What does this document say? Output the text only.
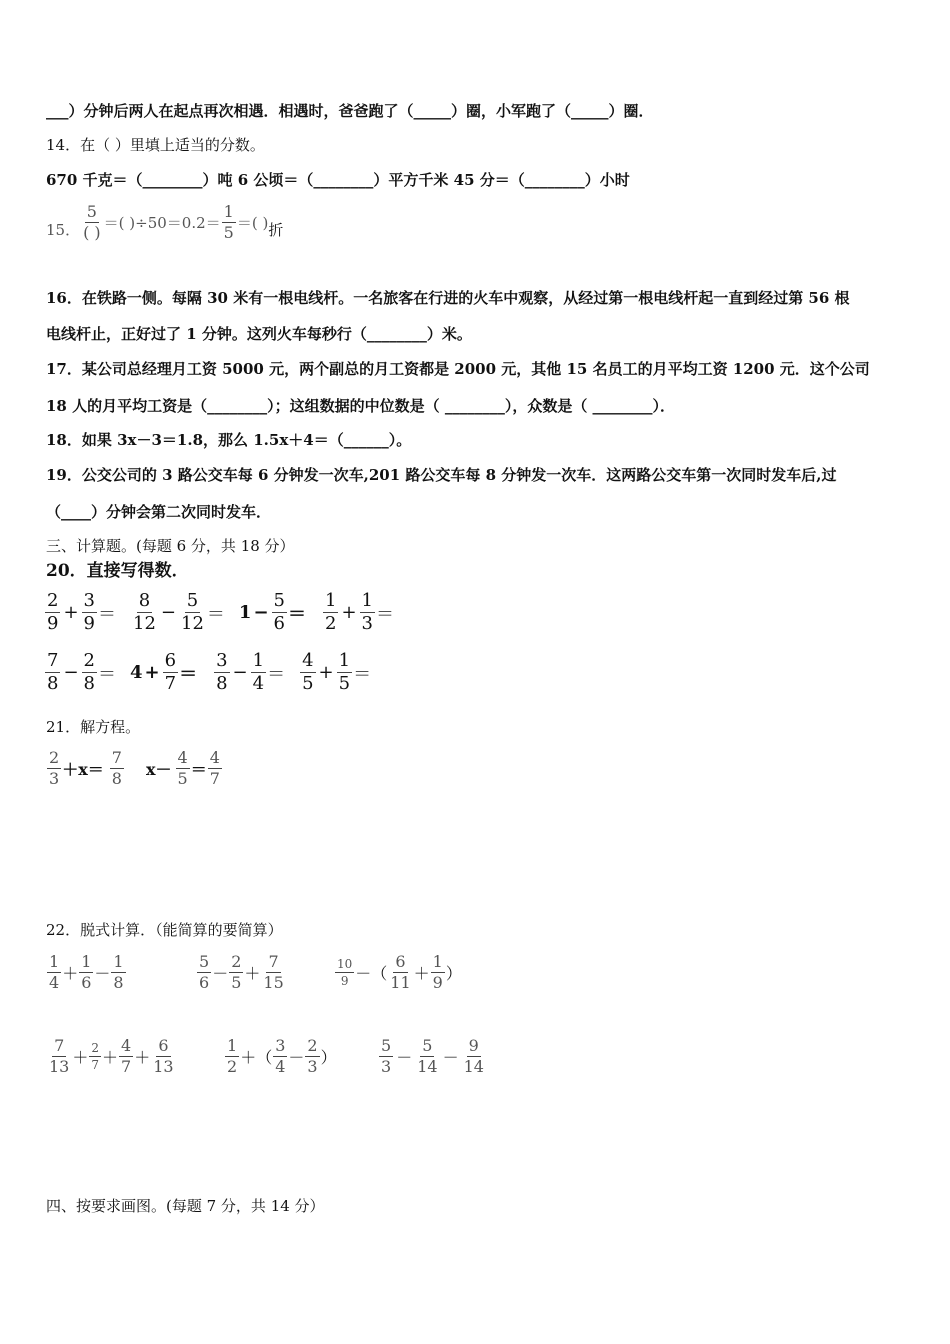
___）分钟后两人在起点再次相遇．相遇时，爸爸跑了（_____）圈，小军跑了（_____）圈．
14．在（ ）里填上适当的分数。
670 千克＝（________）吨 6 公顷＝（________）平方千米 45 分＝（________）小时
15． $\frac{5}{( )}$ ＝( )$\div 50=0.2= \frac{1}{5}$ ＝( ) 折
16．在铁路一侧。每隔 30 米有一根电线杆。一名旅客在行进的火车中观察，从经过第一根电线杆起一直到经过第 56 根
电线杆止，正好过了 1 分钟。这列火车每秒行（________）米。
17．某公司总经理月工资 5000 元，两个副总的月工资都是 2000 元，其他 15 名员工的月平均工资 1200 元．这个公司
18 人的月平均工资是（________）；这组数据的中位数是（ ________），众数是（ ________）．
18．如果 3x－3＝1.8，那么 1.5x＋4＝（______）。
19．公交公司的 3 路公交车每 6 分钟发一次车,201 路公交车每 8 分钟发一次车．这两路公交车第一次同时发车后,过
（____）分钟会第二次同时发车．
三、计算题。(每题 6 分，共 18 分）
20．直接写得数．
$\frac{2}{9} + \frac{3}{9} = \frac{8}{12} - \frac{5}{12} = 1 - \frac{5}{6} = \frac{1}{2} + \frac{1}{3}$ ＝
$\frac{7}{8} - \frac{2}{8} = 4 + \frac{6}{7} = \frac{3}{8} - \frac{1}{4} = \frac{4}{5} + \frac{1}{5}$ ＝
21．解方程。
$\frac{2}{3} +x= \frac{7}{8} x- \frac{4}{5} = \frac{4}{7}$
22．脱式计算．（能简算的要简算）
$\frac{1}{4} + \frac{1}{6} - \frac{1}{8}$	$\frac{5}{6} - \frac{2}{5} + \frac{7}{15}$	$\frac{10}{9}$ －（ $\frac{6}{11} + \frac{1}{9}$ ）
$\frac{7}{13} + \frac{2}{7} + \frac{4}{7} + \frac{6}{13}$	$\frac{1}{2}$ ＋（ $\frac{3}{4} - \frac{2}{3}$ ）	$\frac{5}{3} - \frac{5}{14} - \frac{9}{14}$
四、按要求画图。(每题 7 分，共 14 分）
